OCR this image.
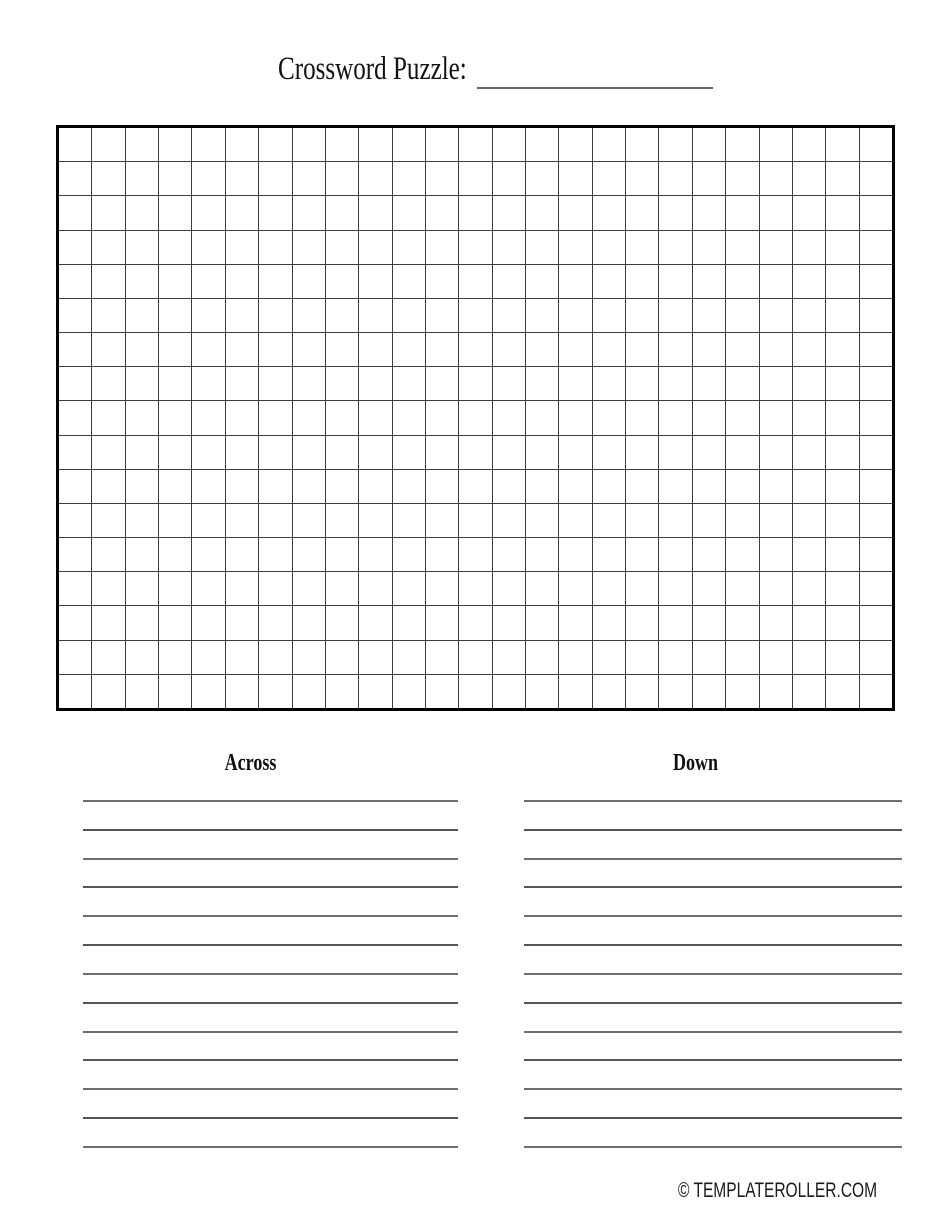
Crossword Puzzle:
Across	Down
© TEMPLATEROLLER.COM
